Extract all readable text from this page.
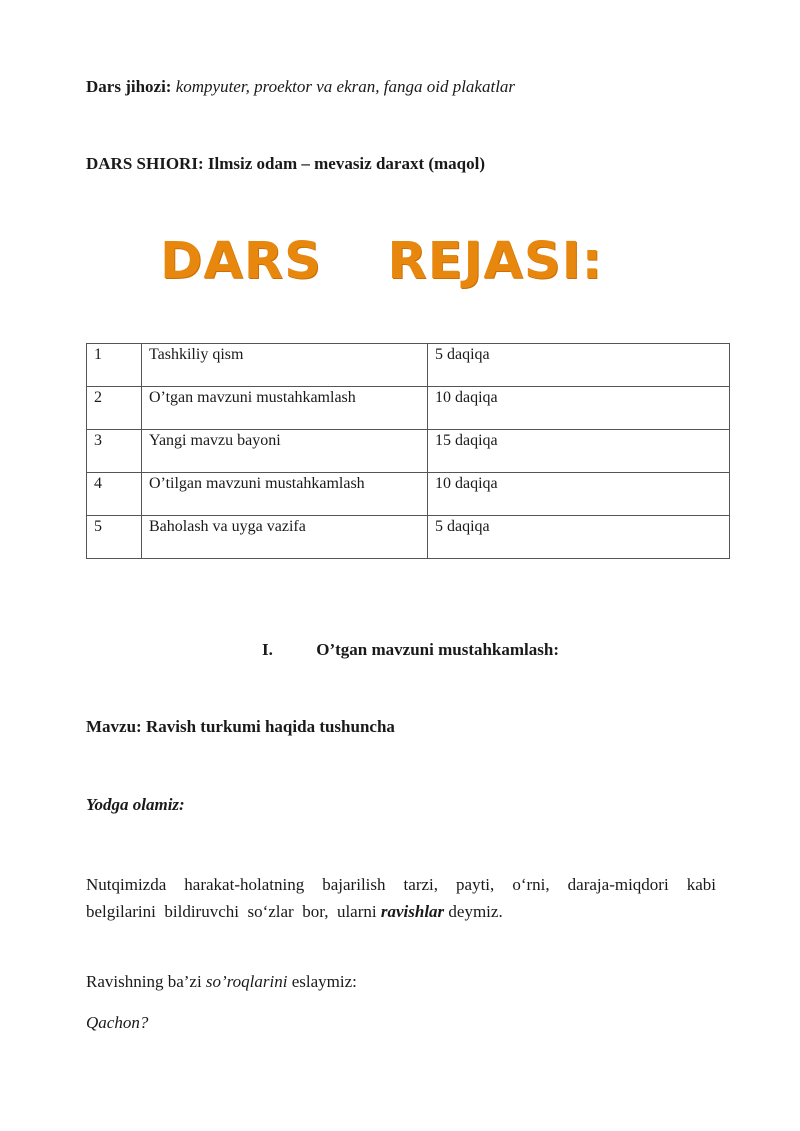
Dars jihozi: kompyuter, proektor va ekran, fanga oid plakatlar
DARS SHIORI: Ilmsiz odam – mevasiz daraxt (maqol)
DARS  REJASI:
1	Tashkiliy qism	5 daqiqa
2	O’tgan mavzuni mustahkamlash	10 daqiqa
3	Yangi mavzu bayoni	15 daqiqa
4	O’tilgan mavzuni mustahkamlash	10 daqiqa
5	Baholash va uyga vazifa	5 daqiqa
I.	O’tgan mavzuni mustahkamlash:
Mavzu: Ravish turkumi haqida tushuncha
Yodga olamiz:
Nutqimizda harakat-holatning bajarilish tarzi, payti, o‘rni, daraja-miqdori kabi
belgilarini  bildiruvchi  so‘zlar  bor,  ularni ravishlar deymiz.
Ravishning ba’zi so’roqlarini eslaymiz:
Qachon?
